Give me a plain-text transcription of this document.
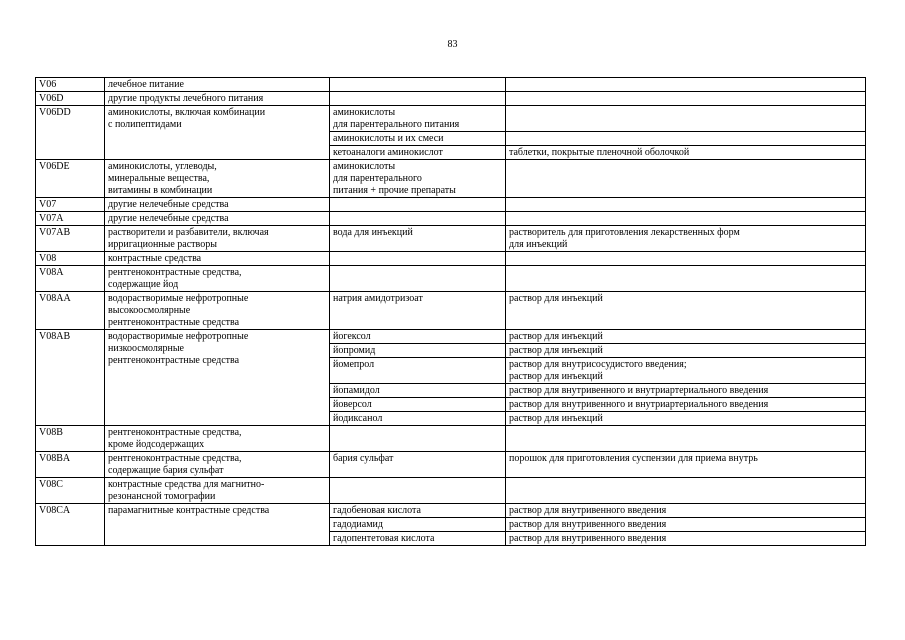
83
V06	лечебное питание		
V06D	другие продукты лечебного питания		
V06DD	аминокислоты, включая комбинации
с полипептидами	аминокислоты
для парентерального питания	
		аминокислоты и их смеси	
		кетоаналоги аминокислот	таблетки, покрытые пленочной оболочкой
V06DE	аминокислоты, углеводы,
минеральные вещества,
витамины в комбинации	аминокислоты
для парентерального
питания + прочие препараты	
V07	другие нелечебные средства		
V07A	другие нелечебные средства		
V07AB	растворители и разбавители, включая
ирригационные растворы	вода для инъекций	растворитель для приготовления лекарственных форм
для инъекций
V08	контрастные средства		
V08A	рентгеноконтрастные средства,
содержащие йод		
V08AA	водорастворимые нефротропные
высокоосмолярные
рентгеноконтрастные средства	натрия амидотризоат	раствор для инъекций
V08AB	водорастворимые нефротропные
низкоосмолярные
рентгеноконтрастные средства	йогексол	раствор для инъекций
		йопромид	раствор для инъекций
		йомепрол	раствор для внутрисосудистого введения;
раствор для инъекций
		йопамидол	раствор для внутривенного и внутриартериального введения
		йоверсол	раствор для внутривенного и внутриартериального введения
		йодиксанол	раствор для инъекций
V08B	рентгеноконтрастные средства,
кроме йодсодержащих		
V08BA	рентгеноконтрастные средства,
содержащие бария сульфат	бария сульфат	порошок для приготовления суспензии для приема внутрь
V08C	контрастные средства для магнитно-
резонансной томографии		
V08CA	парамагнитные контрастные средства	гадобеновая кислота	раствор для внутривенного введения
		гадодиамид	раствор для внутривенного введения
		гадопентетовая кислота	раствор для внутривенного введения
